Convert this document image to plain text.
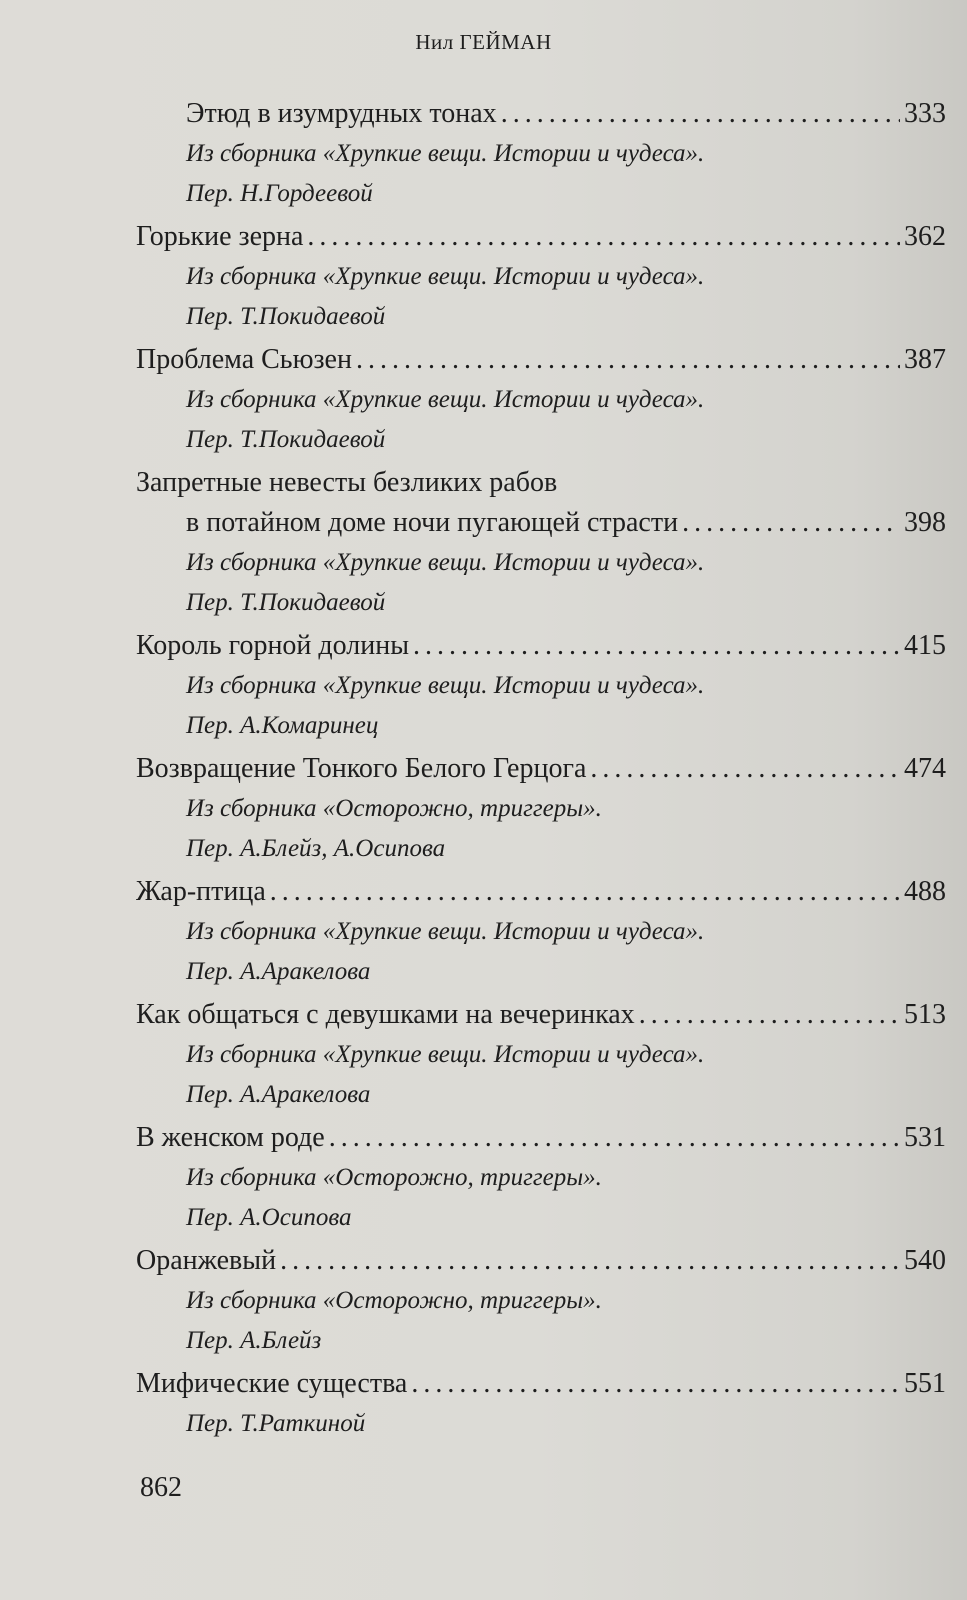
Нил ГЕЙМАН
Этюд в изумрудных тонах . . .	333
Из сборника «Хрупкие вещи. Истории и чудеса».
Пер. Н.Гордеевой
Горькие зерна . . .	362
Из сборника «Хрупкие вещи. Истории и чудеса».
Пер. Т.Покидаевой
Проблема Сьюзен . . .	387
Из сборника «Хрупкие вещи. Истории и чудеса».
Пер. Т.Покидаевой
Запретные невесты безликих рабов
в потайном доме ночи пугающей страсти . . .	398
Из сборника «Хрупкие вещи. Истории и чудеса».
Пер. Т.Покидаевой
Король горной долины . . .	415
Из сборника «Хрупкие вещи. Истории и чудеса».
Пер. А.Комаринец
Возвращение Тонкого Белого Герцога . . .	474
Из сборника «Осторожно, триггеры».
Пер. А.Блейз, А.Осипова
Жар-птица . . .	488
Из сборника «Хрупкие вещи. Истории и чудеса».
Пер. А.Аракелова
Как общаться с девушками на вечеринках . . .	513
Из сборника «Хрупкие вещи. Истории и чудеса».
Пер. А.Аракелова
В женском роде . . .	531
Из сборника «Осторожно, триггеры».
Пер. А.Осипова
Оранжевый . . .	540
Из сборника «Осторожно, триггеры».
Пер. А.Блейз
Мифические существа . . .	551
Пер. Т.Раткиной
862
